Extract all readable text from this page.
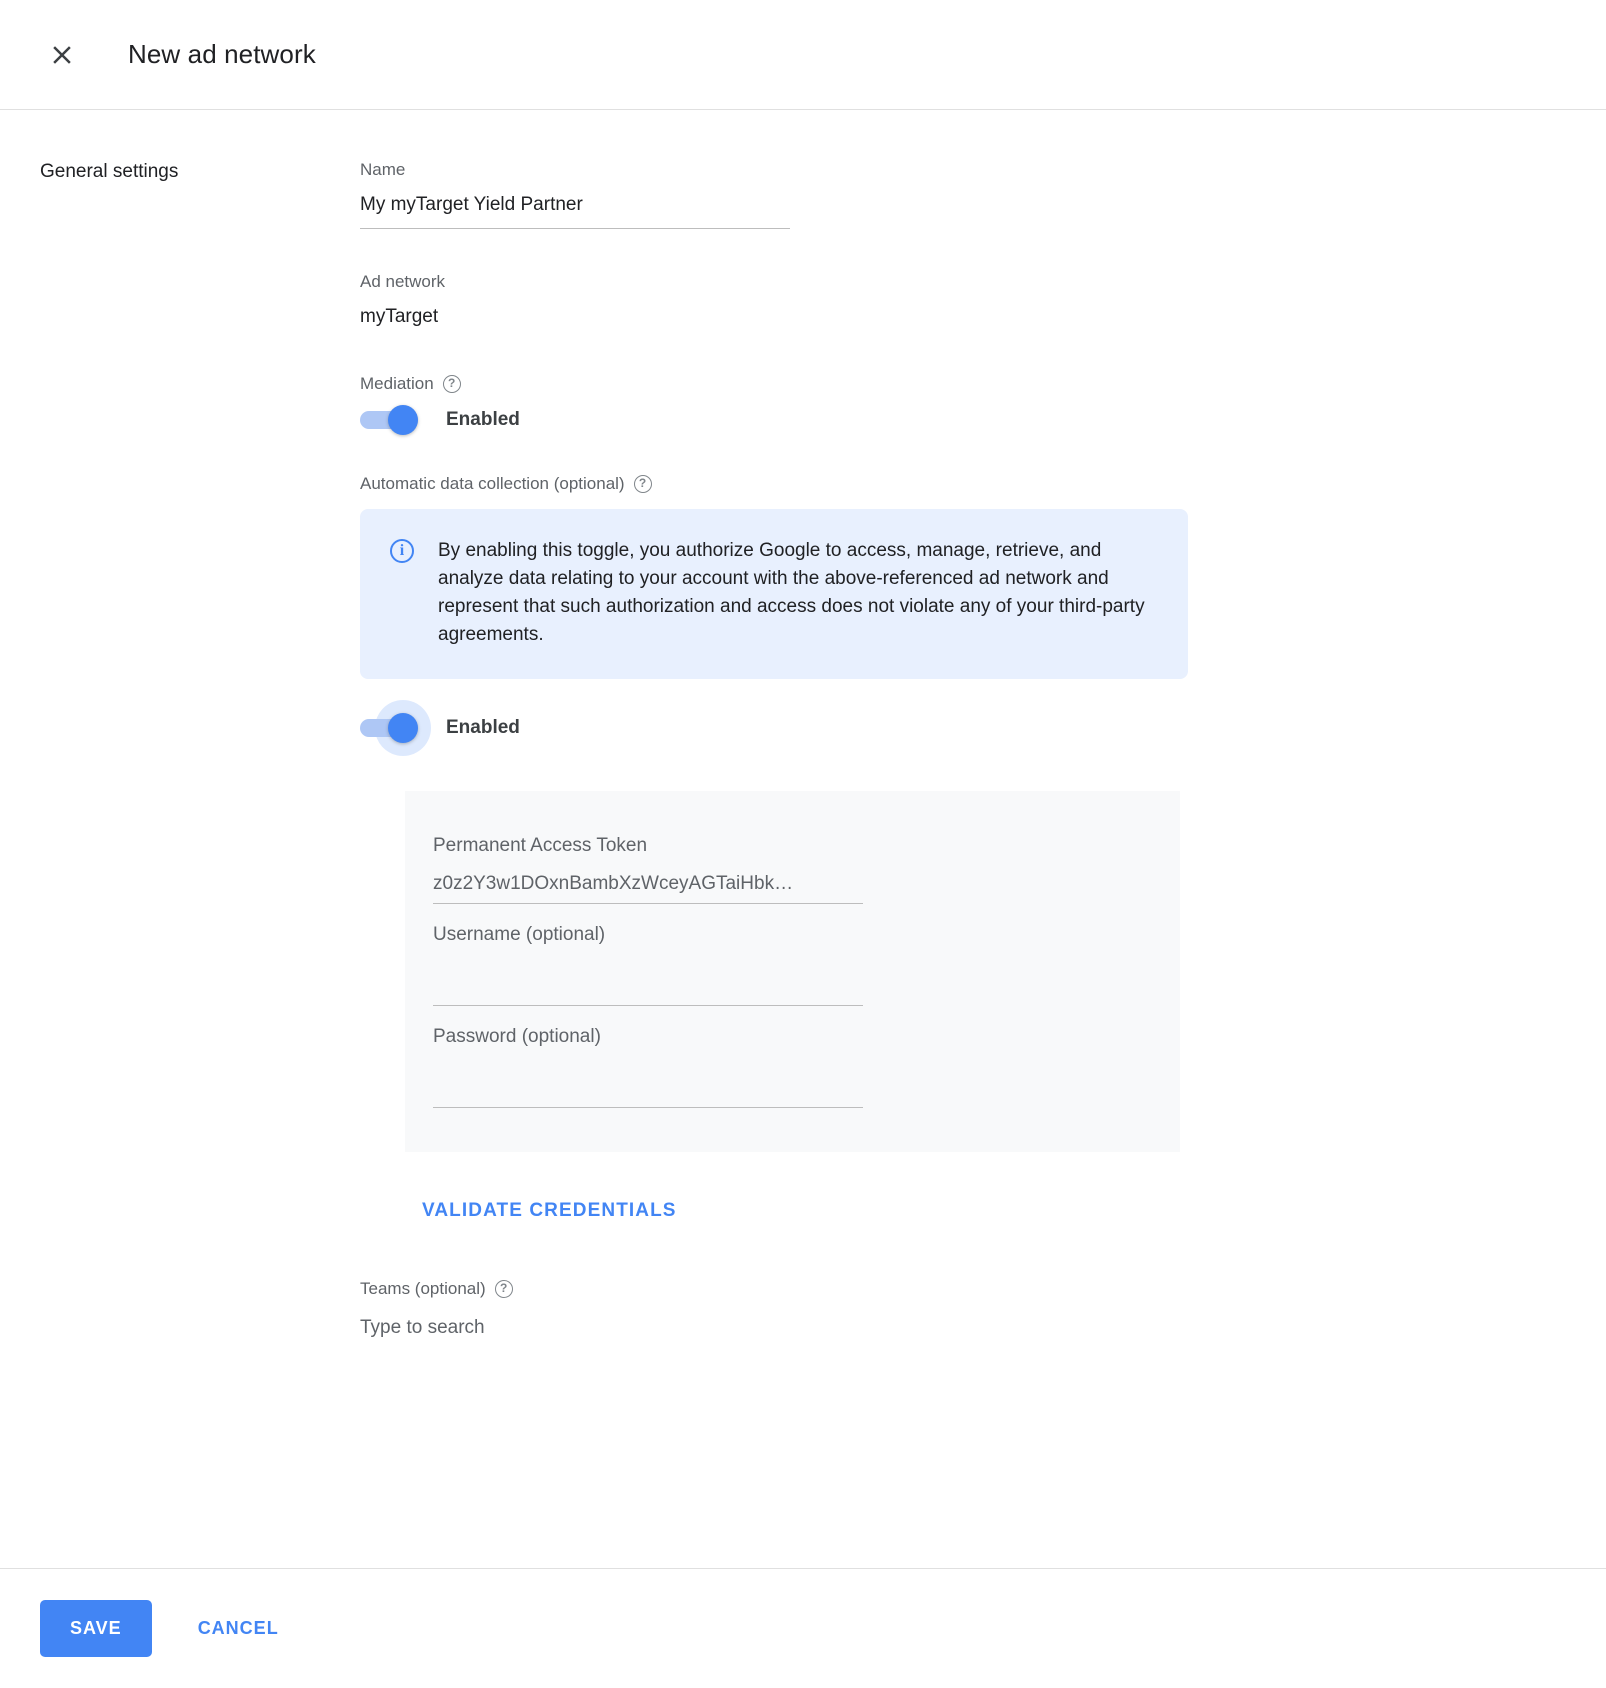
New ad network
General settings	Name
My myTarget Yield Partner
Ad network
myTarget
Mediation	?
Enabled
Automatic data collection (optional)	?
i	By enabling this toggle, you authorize Google to access, manage, retrieve, and analyze data relating to your account with the above-referenced ad network and represent that such authorization and access does not violate any of your third-party agreements.
Enabled
Permanent Access Token
z0z2Y3w1DOxnBambXzWceyAGTaiHbk…
Username (optional)
Password (optional)
VALIDATE CREDENTIALS
Teams (optional)	?
Type to search
SAVE	CANCEL
